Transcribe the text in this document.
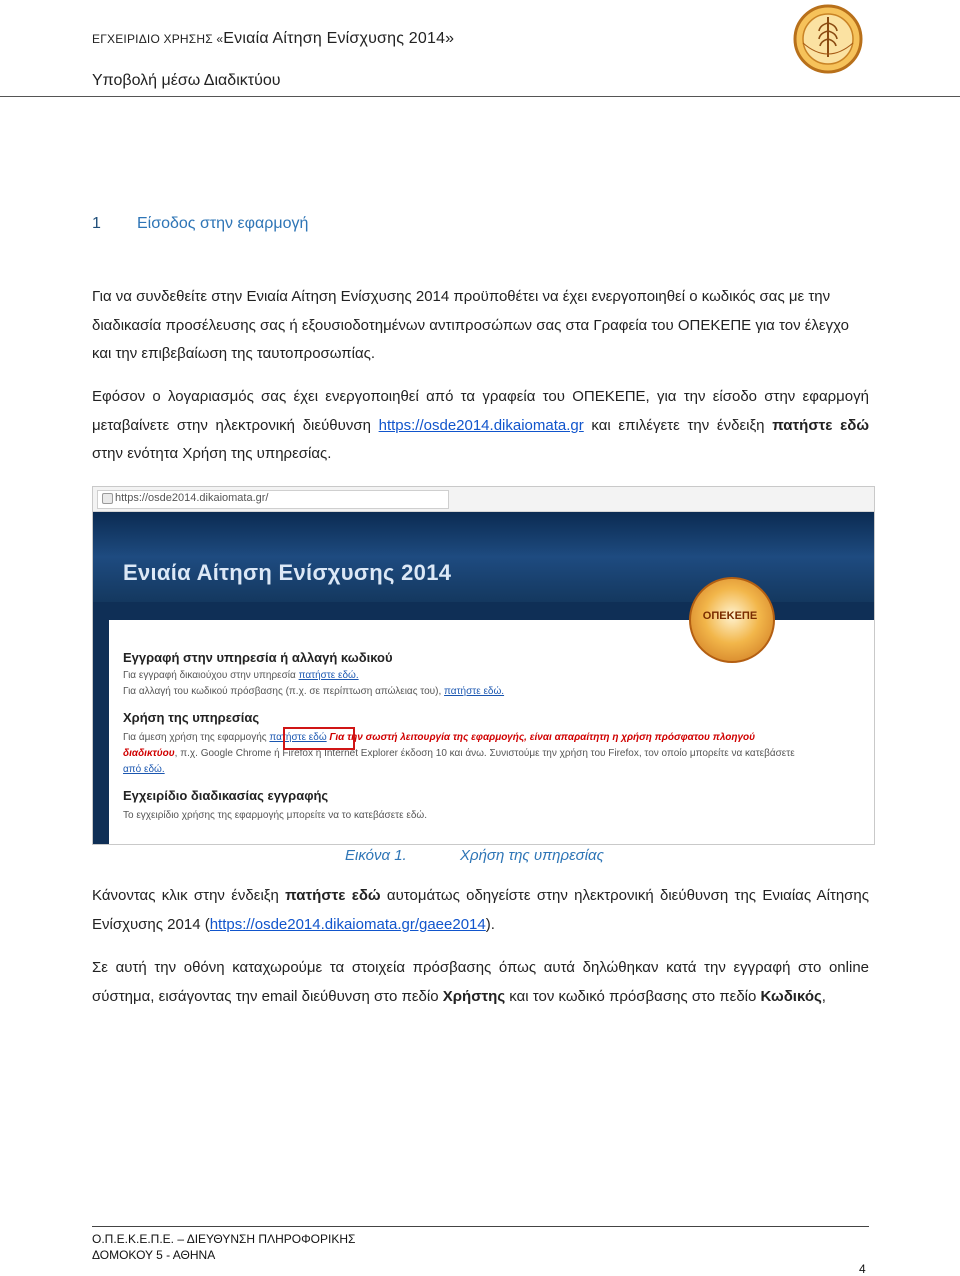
ΕΓΧΕΙΡΙΔΙΟ ΧΡΗΣΗΣ «Ενιαία Αίτηση Ενίσχυσης 2014»
Υποβολή μέσω Διαδικτύου
1 Είσοδος στην εφαρμογή
Για να συνδεθείτε στην Ενιαία Αίτηση Ενίσχυσης 2014 προϋποθέτει να έχει ενεργοποιηθεί ο κωδικός σας με την διαδικασία προσέλευσης σας ή εξουσιοδοτημένων αντιπροσώπων σας στα Γραφεία του ΟΠΕΚΕΠΕ για τον έλεγχο και την επιβεβαίωση της ταυτοπροσωπίας.
Εφόσον ο λογαριασμός σας έχει ενεργοποιηθεί από τα γραφεία του ΟΠΕΚΕΠΕ, για την είσοδο στην εφαρμογή μεταβαίνετε στην ηλεκτρονική διεύθυνση https://osde2014.dikaiomata.gr και επιλέγετε την ένδειξη πατήστε εδώ στην ενότητα Χρήση της υπηρεσίας.
https://osde2014.dikaiomata.gr/
Ενιαία Αίτηση Ενίσχυσης 2014
Εγγραφή στην υπηρεσία ή αλλαγή κωδικού
Για εγγραφή δικαιούχου στην υπηρεσία πατήστε εδώ.
Για αλλαγή του κωδικού πρόσβασης (π.χ. σε περίπτωση απώλειας του), πατήστε εδώ.
Χρήση της υπηρεσίας
Για άμεση χρήση της εφαρμογής πατήστε εδώ Για την σωστή λειτουργία της εφαρμογής, είναι απαραίτητη η χρήση πρόσφατου πλοηγού
διαδικτύου, π.χ. Google Chrome ή Firefox ή Internet Explorer έκδοση 10 και άνω. Συνιστούμε την χρήση του Firefox, τον οποίο μπορείτε να κατεβάσετε
από εδώ.
Εγχειρίδιο διαδικασίας εγγραφής
Το εγχειρίδιο χρήσης της εφαρμογής μπορείτε να το κατεβάσετε εδώ.
ΟΠΕΚΕΠΕ
Εικόνα 1.	Χρήση της υπηρεσίας
Κάνοντας κλικ στην ένδειξη πατήστε εδώ αυτομάτως οδηγείστε στην ηλεκτρονική διεύθυνση της Ενιαίας Αίτησης Ενίσχυσης 2014 (https://osde2014.dikaiomata.gr/gaee2014).
Σε αυτή την οθόνη καταχωρούμε τα στοιχεία πρόσβασης όπως αυτά δηλώθηκαν κατά την εγγραφή στο online σύστημα, εισάγοντας την email διεύθυνση στο πεδίο Χρήστης και τον κωδικό πρόσβασης στο πεδίο Κωδικός,
Ο.Π.Ε.Κ.Ε.Π.Ε. – ΔΙΕΥΘΥΝΣΗ ΠΛΗΡΟΦΟΡΙΚΗΣ
ΔΟΜΟΚΟΥ 5 - ΑΘΗΝΑ
4
